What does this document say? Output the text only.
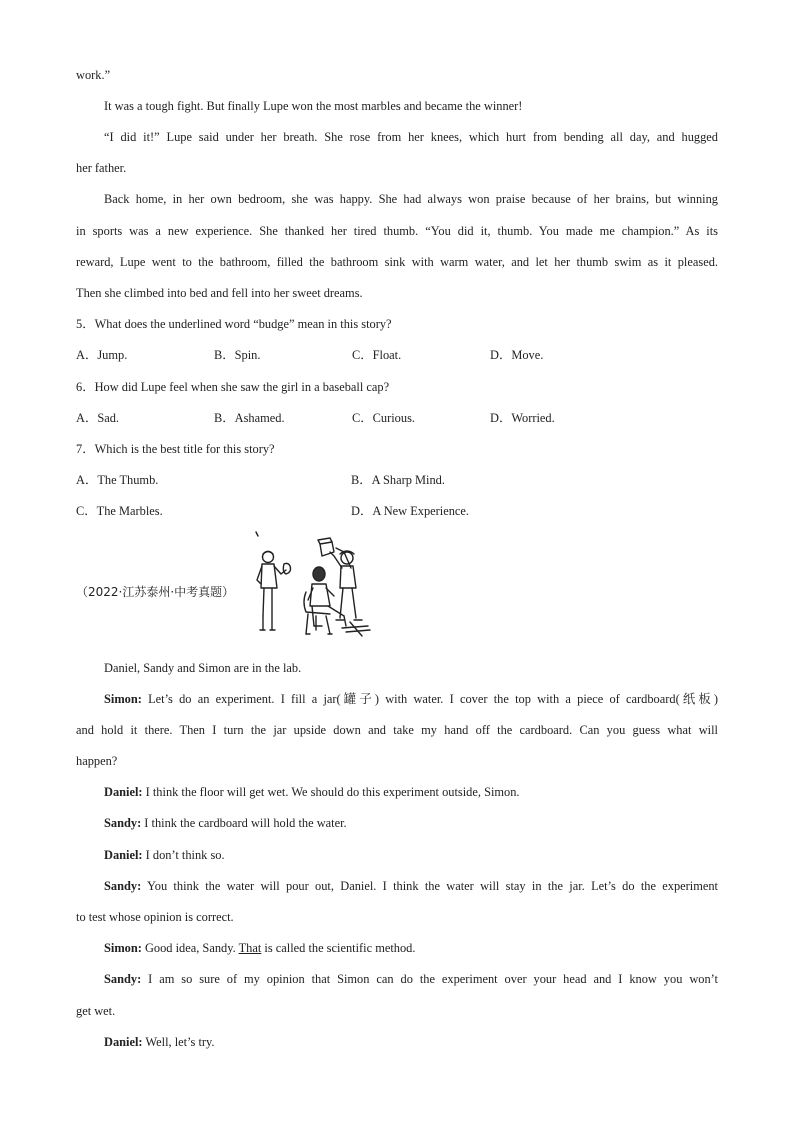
work.”
It was a tough fight. But finally Lupe won the most marbles and became the winner!
“I did it!” Lupe said under her breath. She rose from her knees, which hurt from bending all day, and hugged
her father.
Back home, in her own bedroom, she was happy. She had always won praise because of her brains, but winning
in sports was a new experience. She thanked her tired thumb. “You did it, thumb. You made me champion.” As its
reward, Lupe went to the bathroom, filled the bathroom sink with warm water, and let her thumb swim as it pleased.
Then she climbed into bed and fell into her sweet dreams.
5．What does the underlined word “budge” mean in this story?
A．Jump.	B．Spin.	C．Float.	D．Move.
6．How did Lupe feel when she saw the girl in a baseball cap?
A．Sad.	B．Ashamed.	C．Curious.	D．Worried.
7．Which is the best title for this story?
A．The Thumb.	B．A Sharp Mind.
C．The Marbles.	D．A New Experience.
（2022·江苏泰州·中考真题）
Daniel, Sandy and Simon are in the lab.
Simon: Let’s do an experiment. I fill a jar(罐子) with water. I cover the top with a piece of cardboard(纸板)
and hold it there. Then I turn the jar upside down and take my hand off the cardboard. Can you guess what will
happen?
Daniel: I think the floor will get wet. We should do this experiment outside, Simon.
Sandy: I think the cardboard will hold the water.
Daniel: I don’t think so.
Sandy: You think the water will pour out, Daniel. I think the water will stay in the jar. Let’s do the experiment
to test whose opinion is correct.
Simon: Good idea, Sandy. That is called the scientific method.
Sandy: I am so sure of my opinion that Simon can do the experiment over your head and I know you won’t
get wet.
Daniel: Well, let’s try.
